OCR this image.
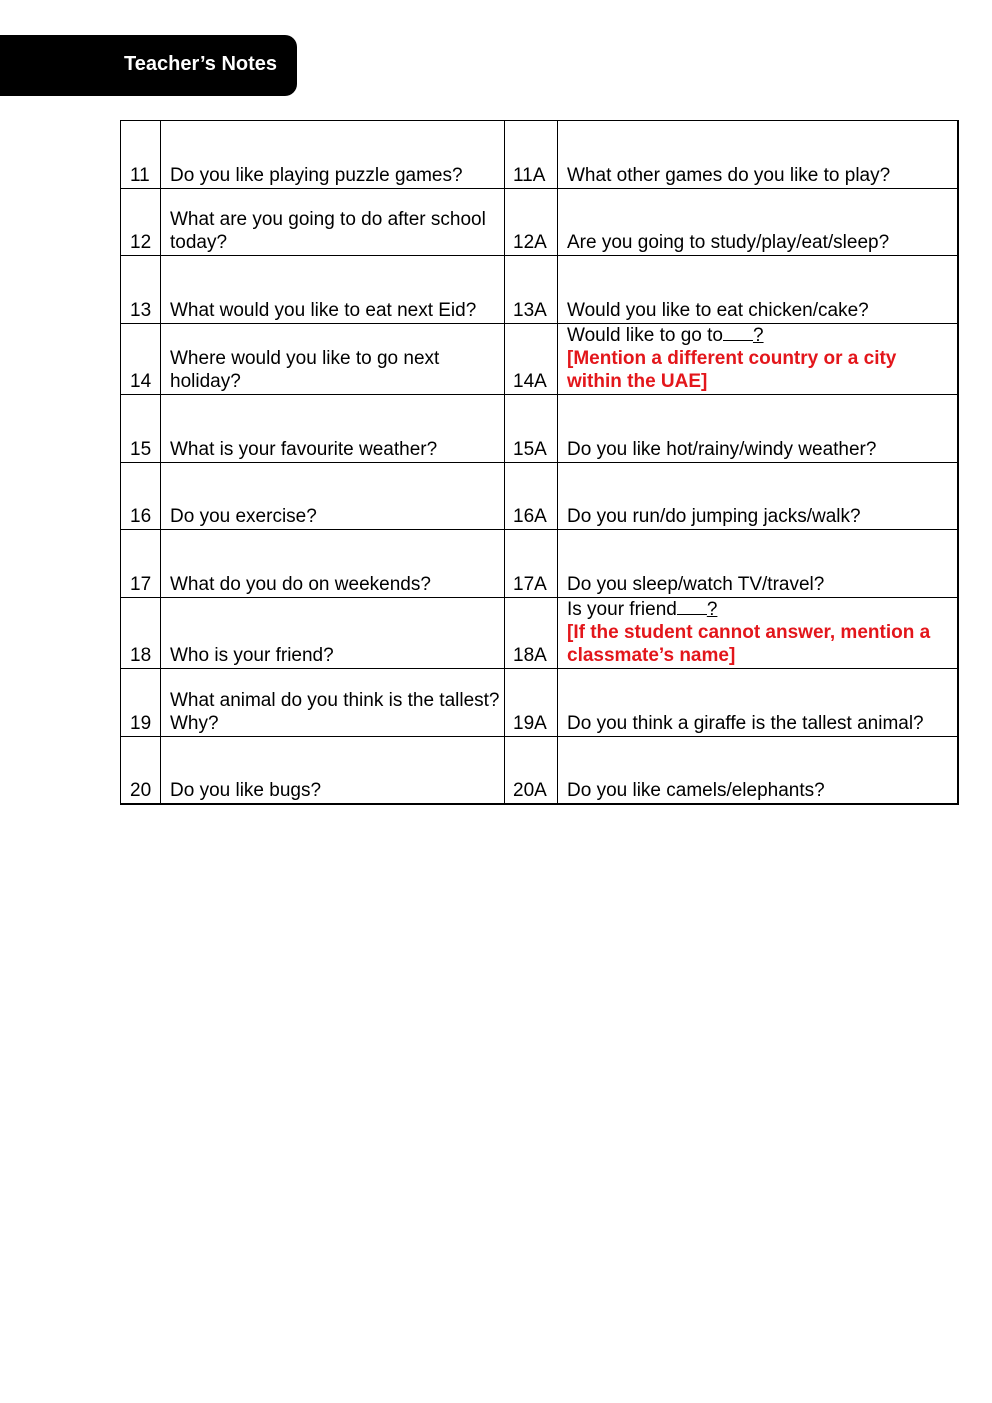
Teacher’s Notes
11	Do you like playing puzzle games?	11A	What other games do you like to play?
12	What are you going to do after school today?	12A	Are you going to study/play/eat/sleep?
13	What would you like to eat next Eid?	13A	Would you like to eat chicken/cake?
14	Where would you like to go next holiday?	14A	Would like to go to ?
[Mention a different country or a city within the UAE]

15	What is your favourite weather?	15A	Do you like hot/rainy/windy weather?
16	Do you exercise?	16A	Do you run/do jumping jacks/walk?
17	What do you do on weekends?	17A	Do you sleep/watch TV/travel?
18	Who is your friend?	18A	Is your friend ?
[If the student cannot answer, mention a classmate’s name]

19	What animal do you think is the tallest? Why?	19A	Do you think a giraffe is the tallest animal?
20	Do you like bugs?	20A	Do you like camels/elephants?
